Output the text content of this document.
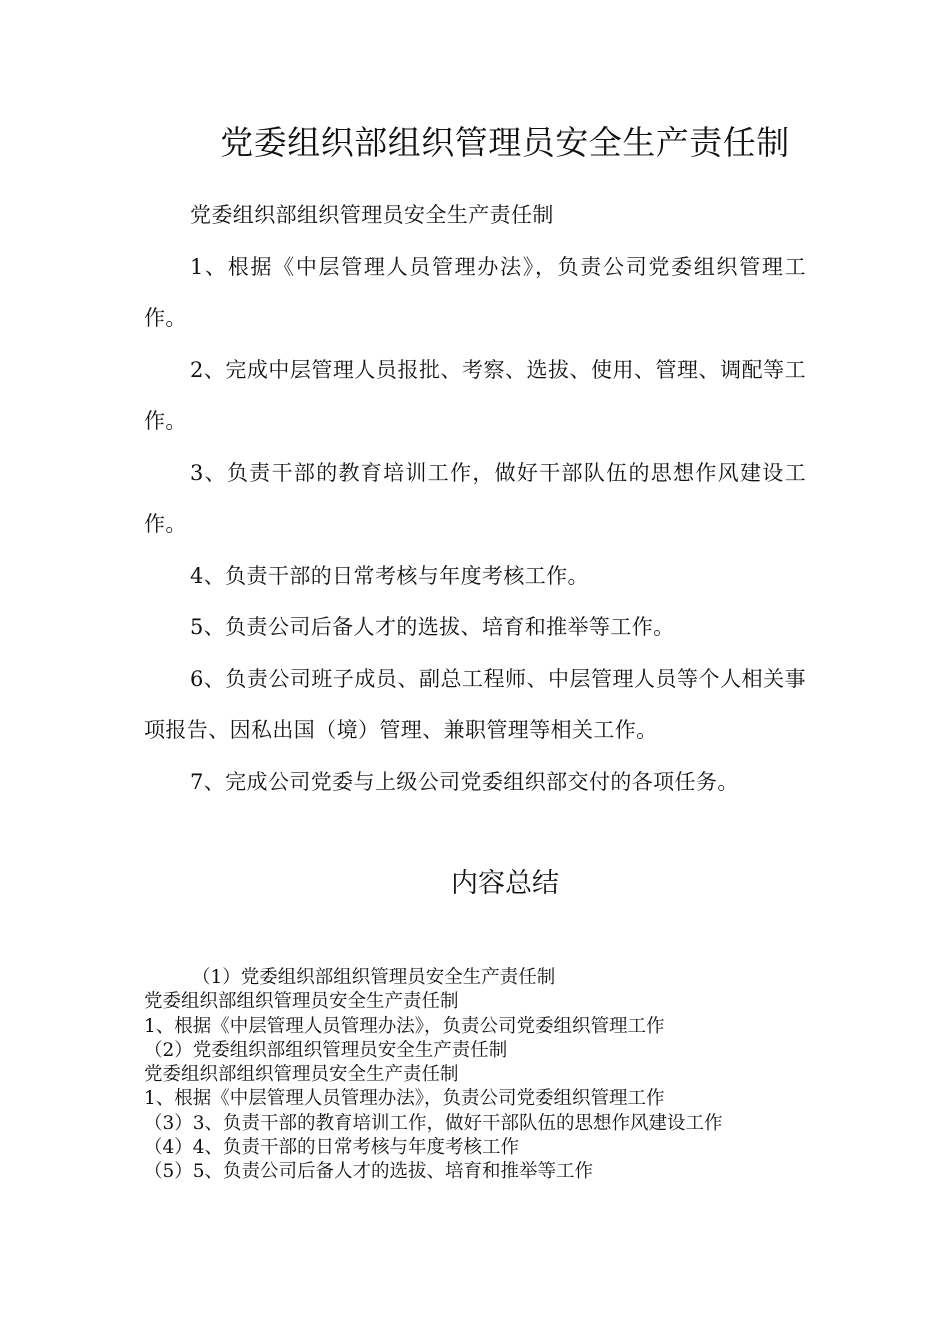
党委组织部组织管理员安全生产责任制

党委组织部组织管理员安全生产责任制

1、根据《中层管理人员管理办法》，负责公司党委组织管理工作。

2、完成中层管理人员报批、考察、选拔、使用、管理、调配等工作。

3、负责干部的教育培训工作，做好干部队伍的思想作风建设工作。

4、负责干部的日常考核与年度考核工作。

5、负责公司后备人才的选拔、培育和推举等工作。

6、负责公司班子成员、副总工程师、中层管理人员等个人相关事项报告、因私出国（境）管理、兼职管理等相关工作。

7、完成公司党委与上级公司党委组织部交付的各项任务。

内容总结

（1）党委组织部组织管理员安全生产责任制

党委组织部组织管理员安全生产责任制

1、根据《中层管理人员管理办法》，负责公司党委组织管理工作

（2）党委组织部组织管理员安全生产责任制

党委组织部组织管理员安全生产责任制

1、根据《中层管理人员管理办法》，负责公司党委组织管理工作

（3）3、负责干部的教育培训工作，做好干部队伍的思想作风建设工作

（4）4、负责干部的日常考核与年度考核工作

（5）5、负责公司后备人才的选拔、培育和推举等工作
